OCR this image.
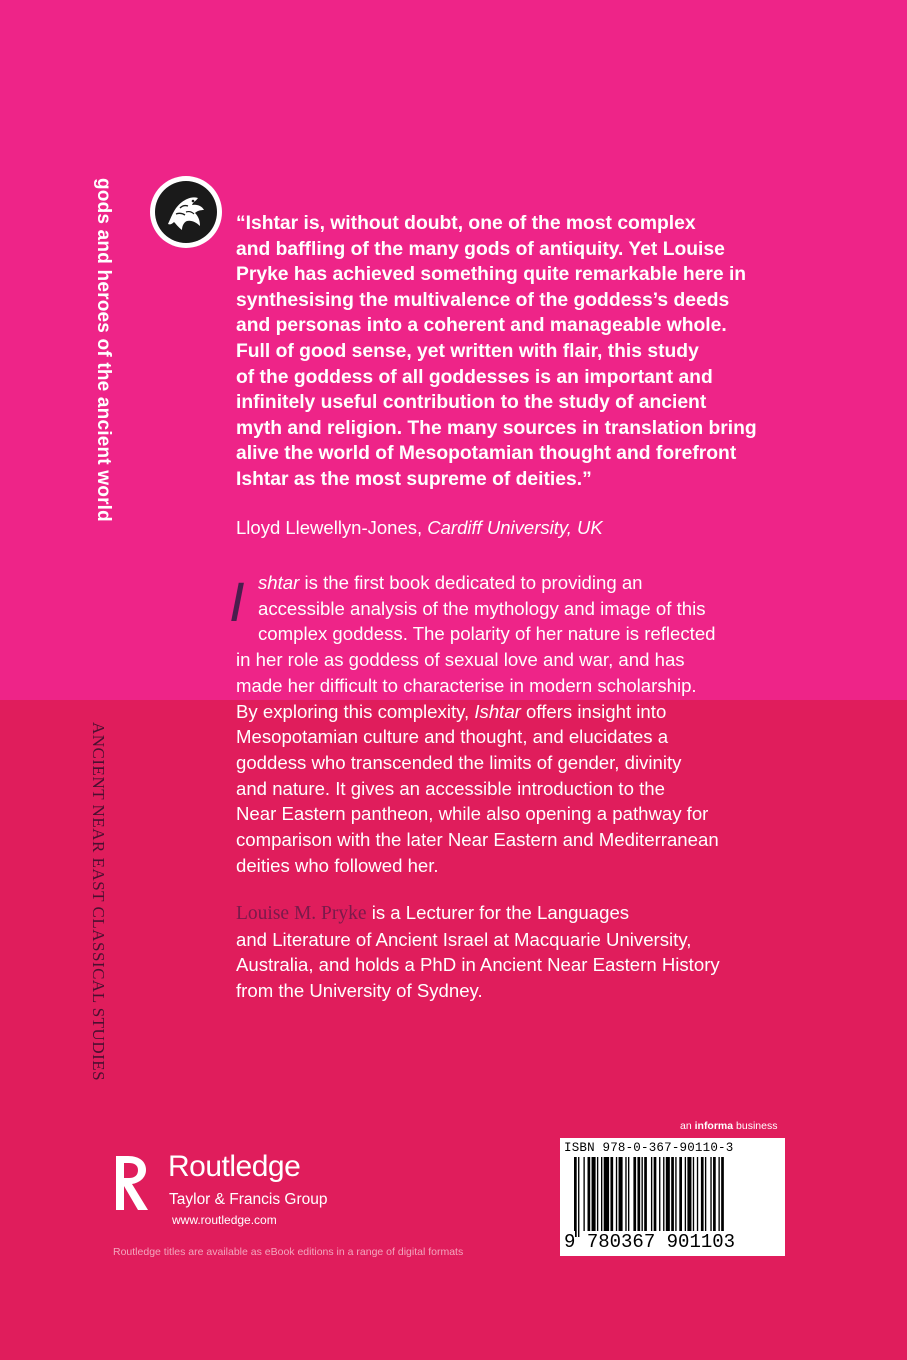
gods and heroes of the ancient world
ANCIENT NEAR EAST CLASSICAL STUDIES
“Ishtar is, without doubt, one of the most complex
and baffling of the many gods of antiquity. Yet Louise
Pryke has achieved something quite remarkable here in
synthesising the multivalence of the goddess’s deeds
and personas into a coherent and manageable whole.
Full of good sense, yet written with flair, this study
of the goddess of all goddesses is an important and
infinitely useful contribution to the study of ancient
myth and religion. The many sources in translation bring
alive the world of Mesopotamian thought and forefront
Ishtar as the most supreme of deities.”
Lloyd Llewellyn-Jones, Cardiff University, UK
I shtar is the first book dedicated to providing an
accessible analysis of the mythology and image of this
complex goddess. The polarity of her nature is reflected
in her role as goddess of sexual love and war, and has
made her difficult to characterise in modern scholarship.
By exploring this complexity, Ishtar offers insight into
Mesopotamian culture and thought, and elucidates a
goddess who transcended the limits of gender, divinity
and nature. It gives an accessible introduction to the
Near Eastern pantheon, while also opening a pathway for
comparison with the later Near Eastern and Mediterranean
deities who followed her.
Louise M. Pryke is a Lecturer for the Languages
and Literature of Ancient Israel at Macquarie University,
Australia, and holds a PhD in Ancient Near Eastern History
from the University of Sydney.
ROUTLEDGE Routledge
Taylor & Francis Group
www.routledge.com
Routledge titles are available as eBook editions in a range of digital formats
an informa business
ISBN 978-0-367-90110-3
9 780367 901103
